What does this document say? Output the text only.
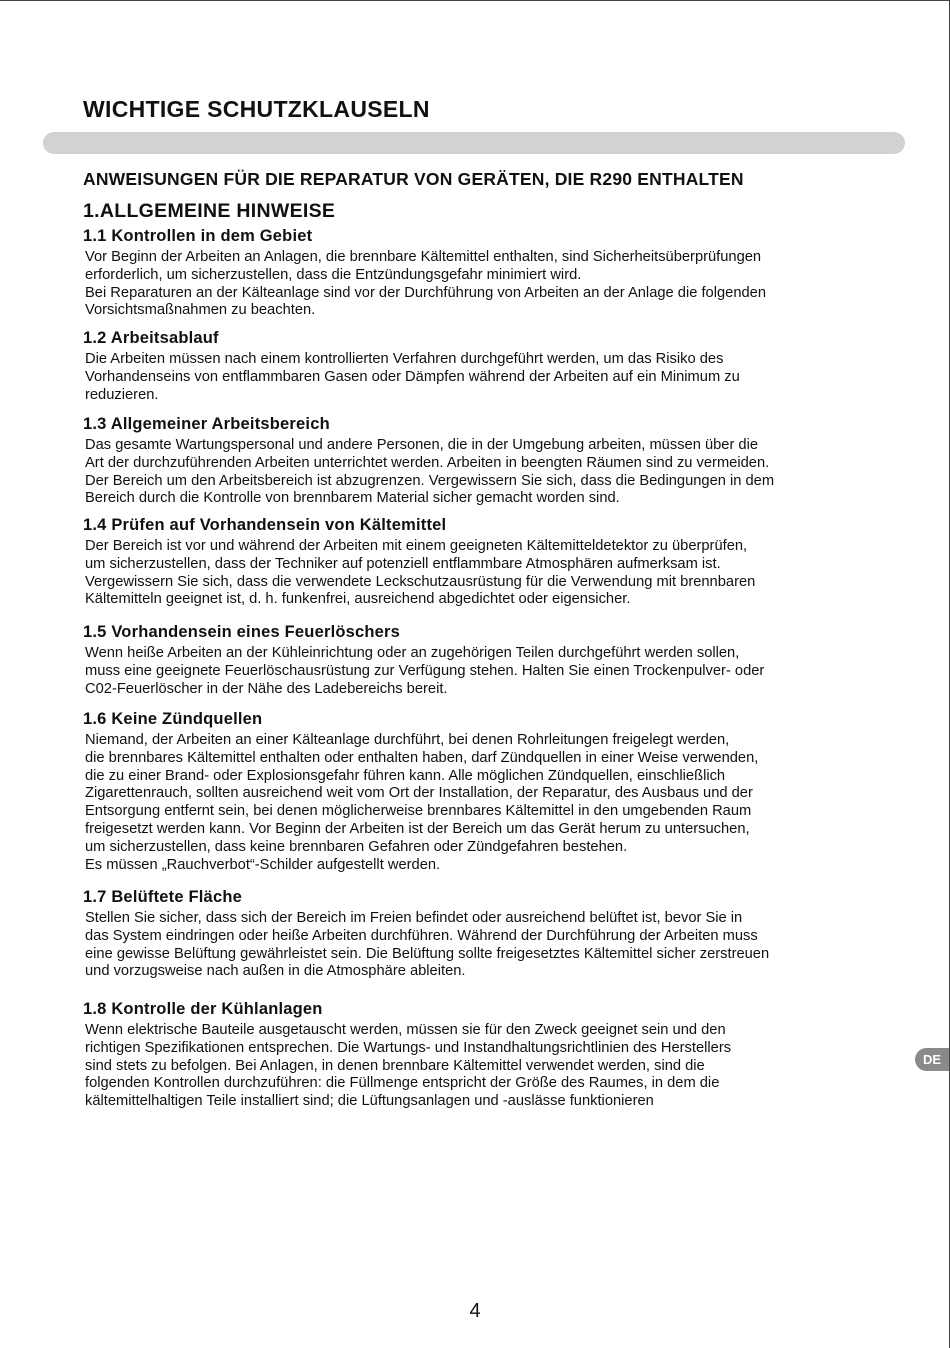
WICHTIGE SCHUTZKLAUSELN
ANWEISUNGEN FÜR DIE REPARATUR VON GERÄTEN, DIE R290 ENTHALTEN
1.ALLGEMEINE HINWEISE
1.1 Kontrollen in dem Gebiet

Vor Beginn der Arbeiten an Anlagen, die brennbare Kältemittel enthalten, sind Sicherheitsüberprüfungen

erforderlich, um sicherzustellen, dass die Entzündungsgefahr minimiert wird.

Bei Reparaturen an der Kälteanlage sind vor der Durchführung von Arbeiten an der Anlage die folgenden

Vorsichtsmaßnahmen zu beachten.

1.2 Arbeitsablauf

Die Arbeiten müssen nach einem kontrollierten Verfahren durchgeführt werden, um das Risiko des

Vorhandenseins von entflammbaren Gasen oder Dämpfen während der Arbeiten auf ein Minimum zu

reduzieren.

1.3 Allgemeiner Arbeitsbereich

Das gesamte Wartungspersonal und andere Personen, die in der Umgebung arbeiten, müssen über die

Art der durchzuführenden Arbeiten unterrichtet werden. Arbeiten in beengten Räumen sind zu vermeiden.

Der Bereich um den Arbeitsbereich ist abzugrenzen. Vergewissern Sie sich, dass die Bedingungen in dem

Bereich durch die Kontrolle von brennbarem Material sicher gemacht worden sind.

1.4 Prüfen auf Vorhandensein von Kältemittel

Der Bereich ist vor und während der Arbeiten mit einem geeigneten Kältemitteldetektor zu überprüfen,

um sicherzustellen, dass der Techniker auf potenziell entflammbare Atmosphären aufmerksam ist.

Vergewissern Sie sich, dass die verwendete Leckschutzausrüstung für die Verwendung mit brennbaren

Kältemitteln geeignet ist, d. h. funkenfrei, ausreichend abgedichtet oder eigensicher.

1.5 Vorhandensein eines Feuerlöschers

Wenn heiße Arbeiten an der Kühleinrichtung oder an zugehörigen Teilen durchgeführt werden sollen,

muss eine geeignete Feuerlöschausrüstung zur Verfügung stehen. Halten Sie einen Trockenpulver- oder

C02-Feuerlöscher in der Nähe des Ladebereichs bereit.

1.6 Keine Zündquellen

Niemand, der Arbeiten an einer Kälteanlage durchführt, bei denen Rohrleitungen freigelegt werden,

die brennbares Kältemittel enthalten oder enthalten haben, darf Zündquellen in einer Weise verwenden,

die zu einer Brand- oder Explosionsgefahr führen kann. Alle möglichen Zündquellen, einschließlich

Zigarettenrauch, sollten ausreichend weit vom Ort der Installation, der Reparatur, des Ausbaus und der

Entsorgung entfernt sein, bei denen möglicherweise brennbares Kältemittel in den umgebenden Raum

freigesetzt werden kann. Vor Beginn der Arbeiten ist der Bereich um das Gerät herum zu untersuchen,

um sicherzustellen, dass keine brennbaren Gefahren oder Zündgefahren bestehen.

Es müssen „Rauchverbot“-Schilder aufgestellt werden.

1.7 Belüftete Fläche

Stellen Sie sicher, dass sich der Bereich im Freien befindet oder ausreichend belüftet ist, bevor Sie in

das System eindringen oder heiße Arbeiten durchführen. Während der Durchführung der Arbeiten muss

eine gewisse Belüftung gewährleistet sein. Die Belüftung sollte freigesetztes Kältemittel sicher zerstreuen

und vorzugsweise nach außen in die Atmosphäre ableiten.

1.8 Kontrolle der Kühlanlagen

Wenn elektrische Bauteile ausgetauscht werden, müssen sie für den Zweck geeignet sein und den

richtigen Spezifikationen entsprechen. Die Wartungs- und Instandhaltungsrichtlinien des Herstellers

sind stets zu befolgen. Bei Anlagen, in denen brennbare Kältemittel verwendet werden, sind die

folgenden Kontrollen durchzuführen: die Füllmenge entspricht der Größe des Raumes, in dem die

kältemittelhaltigen Teile installiert sind; die Lüftungsanlagen und -auslässe funktionieren

DE
4
